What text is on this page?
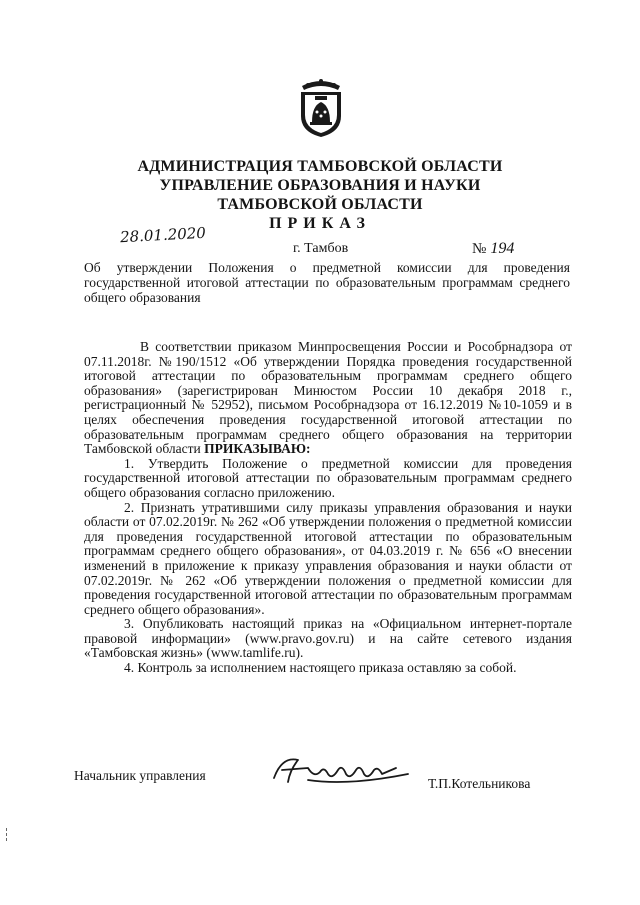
АДМИНИСТРАЦИЯ ТАМБОВСКОЙ ОБЛАСТИ
УПРАВЛЕНИЕ ОБРАЗОВАНИЯ И НАУКИ
ТАМБОВСКОЙ ОБЛАСТИ
ПРИКАЗ
28.01.2020
г. Тамбов	№ 194
Об утверждении Положения о предметной комиссии для проведения государственной итоговой аттестации по образовательным программам среднего общего образования

В соответствии приказом Минпросвещения России и Рособрнадзора от 07.11.2018г. №190/1512 «Об утверждении Порядка проведения государственной итоговой аттестации по образовательным программам среднего общего образования» (зарегистрирован Минюстом России 10 декабря 2018 г., регистрационный № 52952), письмом Рособрнадзора от 16.12.2019 №10-1059 и в целях обеспечения проведения государственной итоговой аттестации по образовательным программам среднего общего образования на территории Тамбовской области ПРИКАЗЫВАЮ:

1. Утвердить Положение о предметной комиссии для проведения государственной итоговой аттестации по образовательным программам среднего общего образования согласно приложению.

2. Признать утратившими силу приказы управления образования и науки области от 07.02.2019г. № 262 «Об утверждении положения о предметной комиссии для проведения государственной итоговой аттестации по образовательным программам среднего общего образования», от 04.03.2019 г. № 656 «О внесении изменений в приложение к приказу управления образования и науки области от 07.02.2019г. № 262 «Об утверждении положения о предметной комиссии для проведения государственной итоговой аттестации по образовательным программам среднего общего образования».

3. Опубликовать настоящий приказ на «Официальном интернет-портале правовой информации» (www.pravo.gov.ru) и на сайте сетевого издания «Тамбовская жизнь» (www.tamlife.ru).

4. Контроль за исполнением настоящего приказа оставляю за собой.

Начальник управления
Т.П.Котельникова
